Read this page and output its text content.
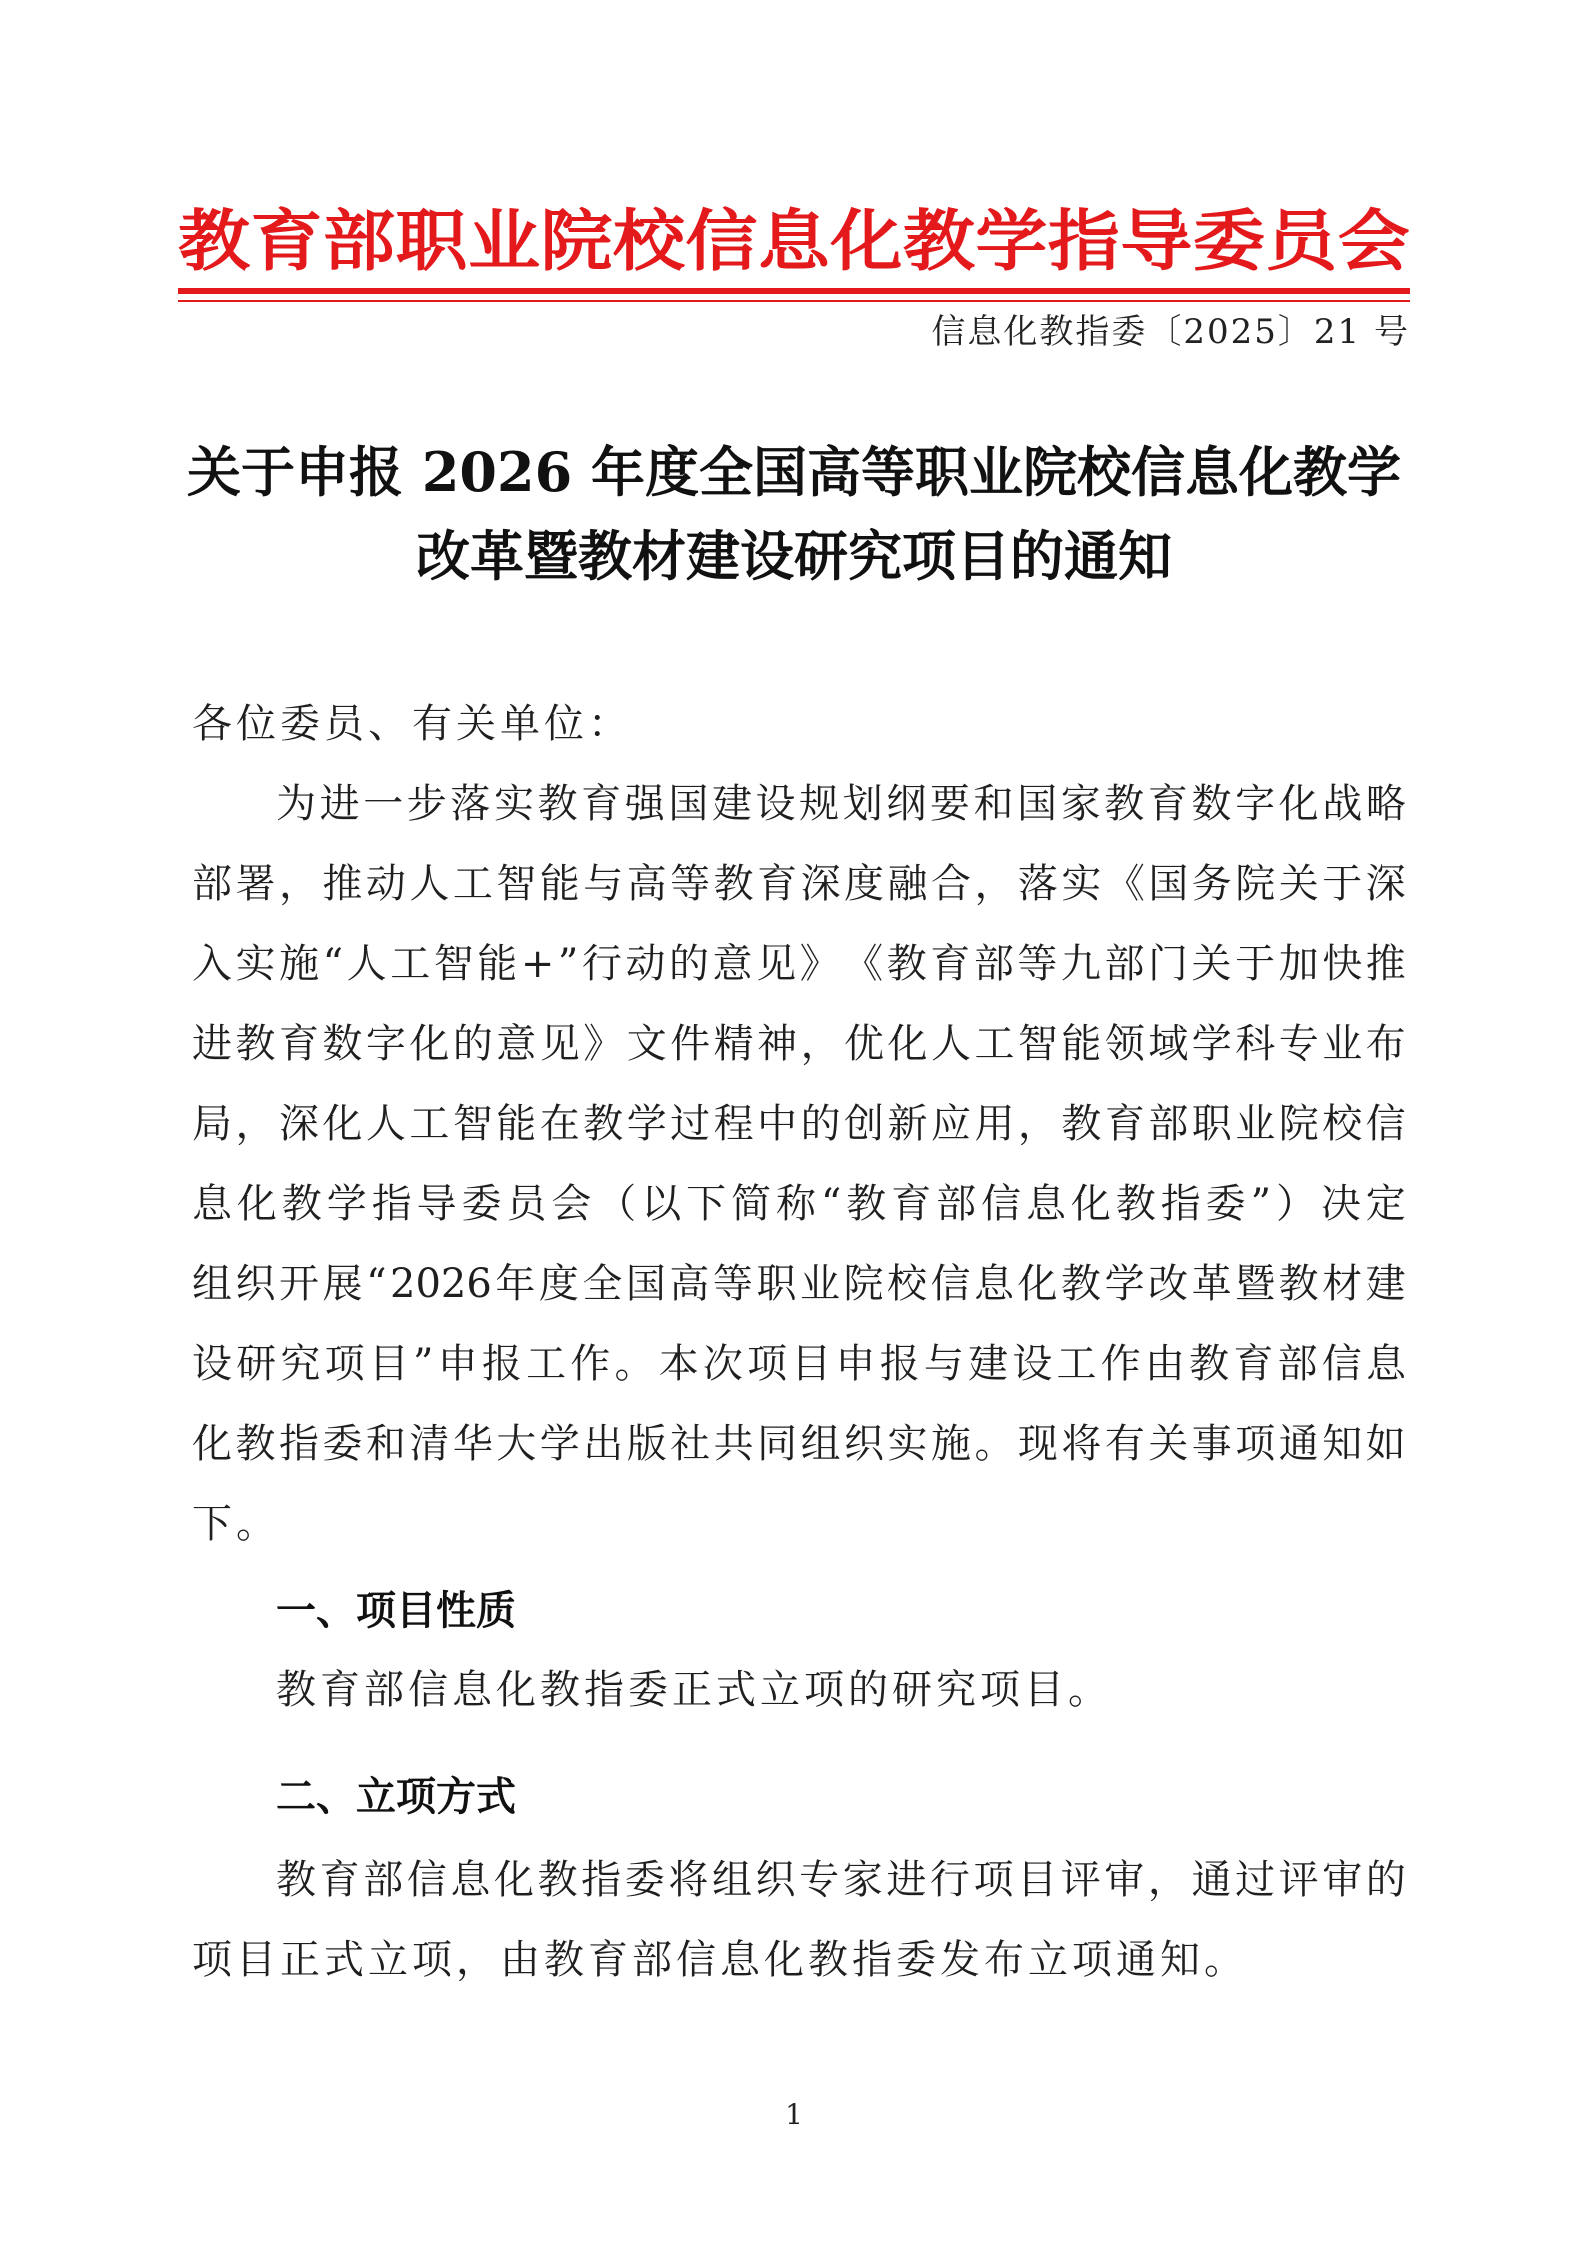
教 育 部 职 业 院 校 信 息 化 教 学 指 导 委 员 会
信息化教指委〔2025〕21 号
关于申报 2026 年度全国高等职业院校信息化教学
改革暨教材建设研究项目的通知
各位委员、有关单位：
为 进 一 步 落 实 教 育 强 国 建 设 规 划 纲 要 和 国 家 教 育 数 字 化 战 略
部 署 ， 推 动 人 工 智 能 与 高 等 教 育 深 度 融 合 ， 落 实 《 国 务 院 关 于 深
入 实 施 “ 人 工 智 能 + ” 行 动 的 意 见 》 《 教 育 部 等 九 部 门 关 于 加 快 推
进 教 育 数 字 化 的 意 见 》 文 件 精 神 ， 优 化 人 工 智 能 领 域 学 科 专 业 布
局 ， 深 化 人 工 智 能 在 教 学 过 程 中 的 创 新 应 用 ， 教 育 部 职 业 院 校 信
息 化 教 学 指 导 委 员 会 （ 以 下 简 称 “ 教 育 部 信 息 化 教 指 委 ” ） 决 定
组 织 开 展 “ 2026 年 度 全 国 高 等 职 业 院 校 信 息 化 教 学 改 革 暨 教 材 建
设 研 究 项 目 ” 申 报 工 作 。 本 次 项 目 申 报 与 建 设 工 作 由 教 育 部 信 息
化 教 指 委 和 清 华 大 学 出 版 社 共 同 组 织 实 施 。 现 将 有 关 事 项 通 知 如
下。
一、项目性质
教育部信息化教指委正式立项的研究项目。
二、立项方式
教 育 部 信 息 化 教 指 委 将 组 织 专 家 进 行 项 目 评 审 ， 通 过 评 审 的
项目正式立项，由教育部信息化教指委发布立项通知。
1
